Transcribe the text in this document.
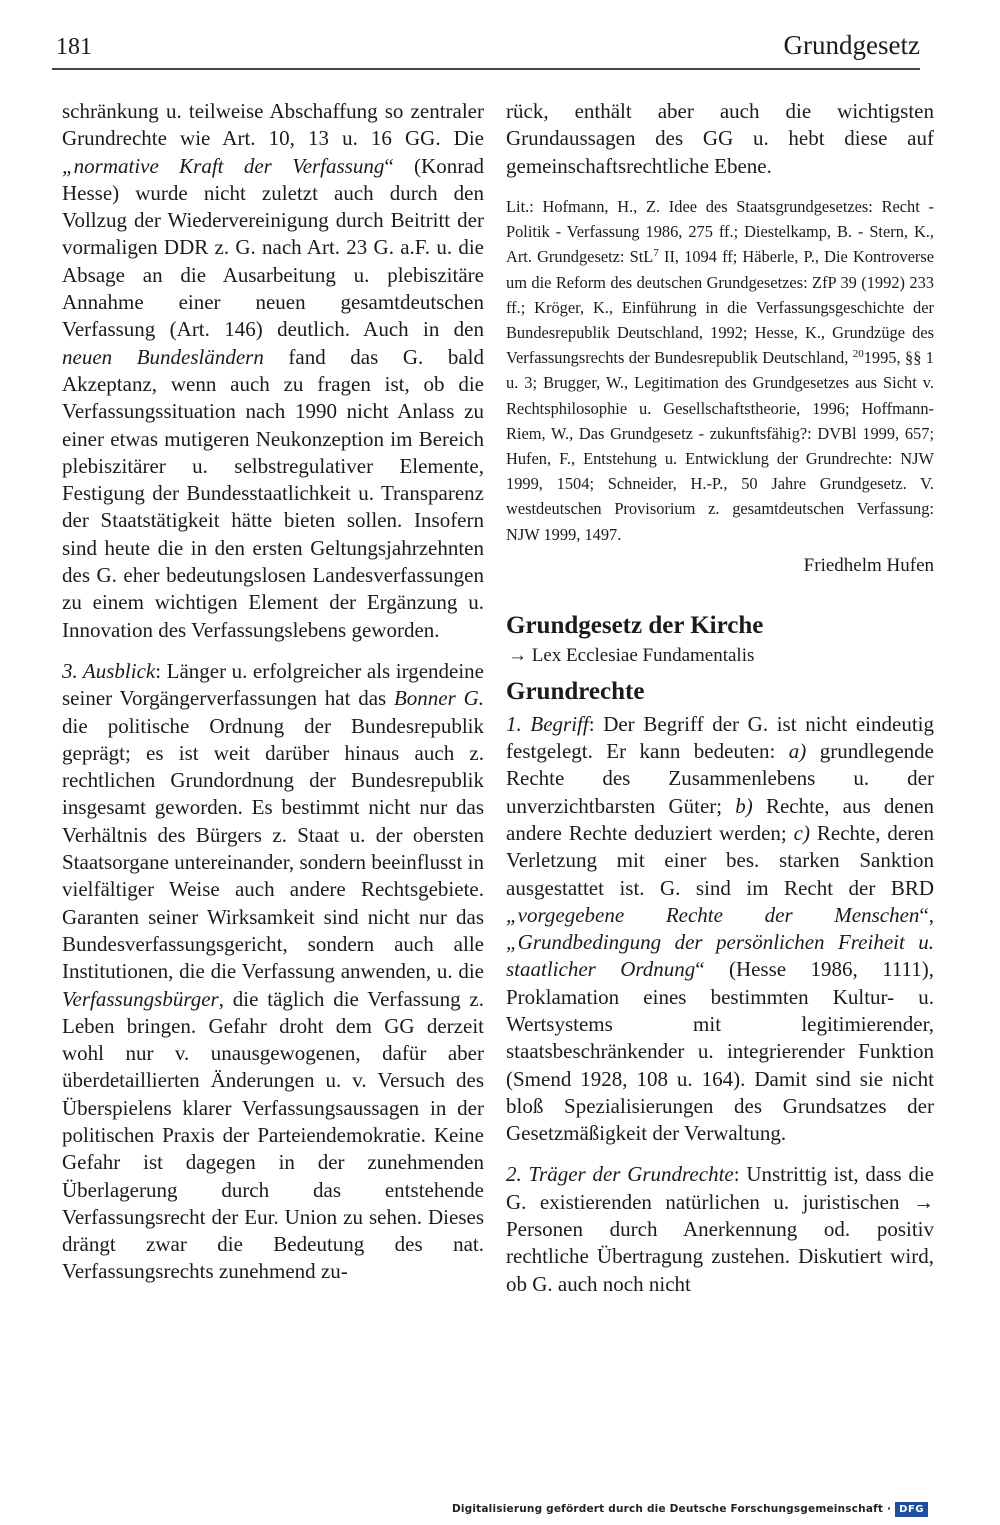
181	Grundgesetz

schränkung u. teilweise Abschaffung so zentraler Grundrechte wie Art. 10, 13 u. 16 GG. Die „normative Kraft der Verfassung“ (Konrad Hesse) wurde nicht zuletzt auch durch den Vollzug der Wiedervereinigung durch Beitritt der vormaligen DDR z. G. nach Art. 23 G. a.F. u. die Absage an die Ausarbeitung u. plebiszitäre Annahme einer neuen gesamtdeutschen Verfassung (Art. 146) deutlich. Auch in den neuen Bundesländern fand das G. bald Akzeptanz, wenn auch zu fragen ist, ob die Verfassungssituation nach 1990 nicht Anlass zu einer etwas mutigeren Neukonzeption im Bereich plebiszitärer u. selbstregulativer Elemente, Festigung der Bundesstaatlichkeit u. Transparenz der Staatstätigkeit hätte bieten sollen. Insofern sind heute die in den ersten Geltungsjahrzehnten des G. eher bedeutungslosen Landesverfassungen zu einem wichtigen Element der Ergänzung u. Innovation des Verfassungslebens geworden.

3. Ausblick: Länger u. erfolgreicher als irgendeine seiner Vorgängerverfassungen hat das Bonner G. die politische Ordnung der Bundesrepublik geprägt; es ist weit darüber hinaus auch z. rechtlichen Grundordnung der Bundesrepublik insgesamt geworden. Es bestimmt nicht nur das Verhältnis des Bürgers z. Staat u. der obersten Staatsorgane untereinander, sondern beeinflusst in vielfältiger Weise auch andere Rechtsgebiete. Garanten seiner Wirksamkeit sind nicht nur das Bundesverfassungsgericht, sondern auch alle Institutionen, die die Verfassung anwenden, u. die Verfassungsbürger, die täglich die Verfassung z. Leben bringen. Gefahr droht dem GG derzeit wohl nur v. unausgewogenen, dafür aber überdetaillierten Änderungen u. v. Versuch des Überspielens klarer Verfassungsaussagen in der politischen Praxis der Parteiendemokratie. Keine Gefahr ist dagegen in der zunehmenden Überlagerung durch das entstehende Verfassungsrecht der Eur. Union zu sehen. Dieses drängt zwar die Bedeutung des nat. Verfassungsrechts zunehmend zu-

rück, enthält aber auch die wichtigsten Grundaussagen des GG u. hebt diese auf gemeinschaftsrechtliche Ebene.

Lit.: Hofmann, H., Z. Idee des Staatsgrundgesetzes: Recht - Politik - Verfassung 1986, 275 ff.; Diestelkamp, B. - Stern, K., Art. Grundgesetz: StL$^7$ II, 1094 ff; Häberle, P., Die Kontroverse um die Reform des deutschen Grundgesetzes: ZfP 39 (1992) 233 ff.; Kröger, K., Einführung in die Verfassungsgeschichte der Bundesrepublik Deutschland, 1992; Hesse, K., Grundzüge des Verfassungsrechts der Bundesrepublik Deutschland, $^{20}$1995, §§ 1 u. 3; Brugger, W., Legitimation des Grundgesetzes aus Sicht v. Rechtsphilosophie u. Gesellschaftstheorie, 1996; Hoffmann-Riem, W., Das Grundgesetz - zukunftsfähig?: DVBl 1999, 657; Hufen, F., Entstehung u. Entwicklung der Grundrechte: NJW 1999, 1504; Schneider, H.-P., 50 Jahre Grundgesetz. V. westdeutschen Provisorium z. gesamtdeutschen Verfassung: NJW 1999, 1497.

Friedhelm Hufen
Grundgesetz der Kirche
→ Lex Ecclesiae Fundamentalis
Grundrechte

1. Begriff: Der Begriff der G. ist nicht eindeutig festgelegt. Er kann bedeuten: a) grundlegende Rechte des Zusammenlebens u. der unverzichtbarsten Güter; b) Rechte, aus denen andere Rechte deduziert werden; c) Rechte, deren Verletzung mit einer bes. starken Sanktion ausgestattet ist. G. sind im Recht der BRD „vorgegebene Rechte der Menschen“, „Grundbedingung der persönlichen Freiheit u. staatlicher Ordnung“ (Hesse 1986, 1111), Proklamation eines bestimmten Kultur- u. Wertsystems mit legitimierender, staatsbeschränkender u. integrierender Funktion (Smend 1928, 108 u. 164). Damit sind sie nicht bloß Spezialisierungen des Grundsatzes der Gesetzmäßigkeit der Verwaltung.

2. Träger der Grundrechte: Unstrittig ist, dass die G. existierenden natürlichen u. juristischen → Personen durch Anerkennung od. positiv rechtliche Übertragung zustehen. Diskutiert wird, ob G. auch noch nicht

Digitalisierung gefördert durch die Deutsche Forschungsgemeinschaft · DFG
